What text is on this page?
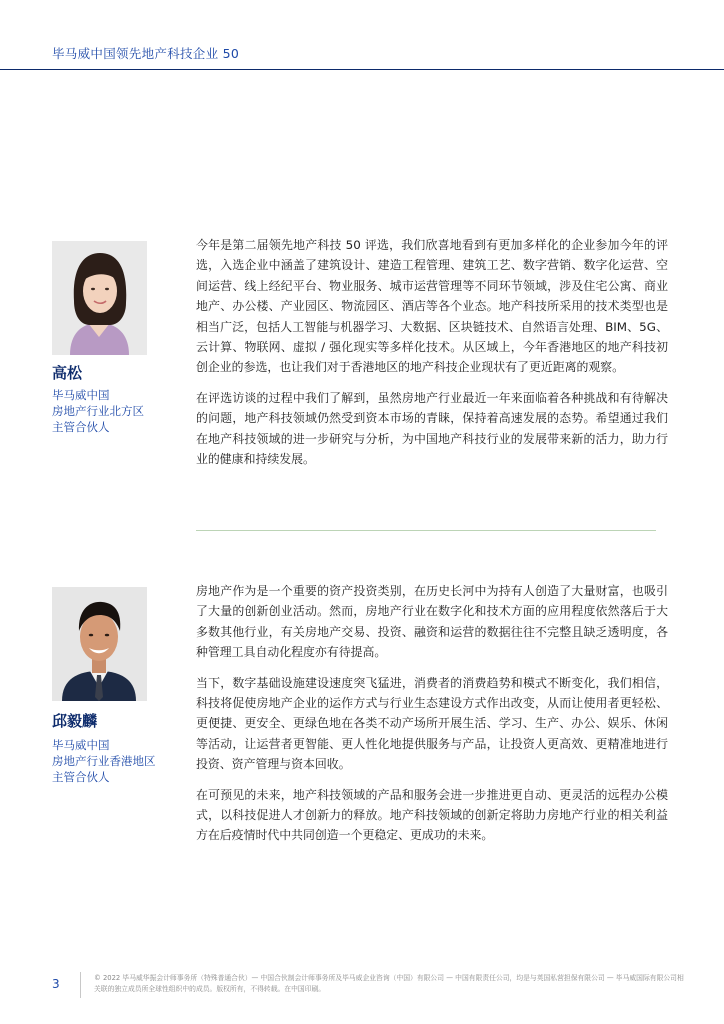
毕马威中国领先地产科技企业 50
高松
毕马威中国
房地产行业北方区
主管合伙人

今年是第二届领先地产科技 50 评选，我们欣喜地看到有更加多样化的企业参加今年的评选，入选企业中涵盖了建筑设计、建造工程管理、建筑工艺、数字营销、数字化运营、空间运营、线上经纪平台、物业服务、城市运营管理等不同环节领域，涉及住宅公寓、商业地产、办公楼、产业园区、物流园区、酒店等各个业态。地产科技所采用的技术类型也是相当广泛，包括人工智能与机器学习、大数据、区块链技术、自然语言处理、BIM、5G、云计算、物联网、虚拟 / 强化现实等多样化技术。从区域上，今年香港地区的地产科技初创企业的参选，也让我们对于香港地区的地产科技企业现状有了更近距离的观察。

在评选访谈的过程中我们了解到，虽然房地产行业最近一年来面临着各种挑战和有待解决的问题，地产科技领域仍然受到资本市场的青睐，保持着高速发展的态势。希望通过我们在地产科技领域的进一步研究与分析，为中国地产科技行业的发展带来新的活力，助力行业的健康和持续发展。

邱毅麟
毕马威中国
房地产行业香港地区
主管合伙人

房地产作为是一个重要的资产投资类别，在历史长河中为持有人创造了大量财富，也吸引了大量的创新创业活动。然而，房地产行业在数字化和技术方面的应用程度依然落后于大多数其他行业，有关房地产交易、投资、融资和运营的数据往往不完整且缺乏透明度，各种管理工具自动化程度亦有待提高。

当下，数字基础设施建设速度突飞猛进，消费者的消费趋势和模式不断变化，我们相信，科技将促使房地产企业的运作方式与行业生态建设方式作出改变，从而让使用者更轻松、更便捷、更安全、更绿色地在各类不动产场所开展生活、学习、生产、办公、娱乐、休闲等活动，让运营者更智能、更人性化地提供服务与产品，让投资人更高效、更精准地进行投资、资产管理与资本回收。

在可预见的未来，地产科技领域的产品和服务会进一步推进更自动、更灵活的远程办公模式，以科技促进人才创新力的释放。地产科技领域的创新定将助力房地产行业的相关利益方在后疫情时代中共同创造一个更稳定、更成功的未来。

3	© 2022 毕马威华振会计师事务所（特殊普通合伙）— 中国合伙制会计师事务所及毕马威企业咨询（中国）有限公司 — 中国有限责任公司，均是与英国私营担保有限公司 — 毕马威国际有限公司相关联的独立成员所全球性组织中的成员。版权所有，不得转载。在中国印刷。
